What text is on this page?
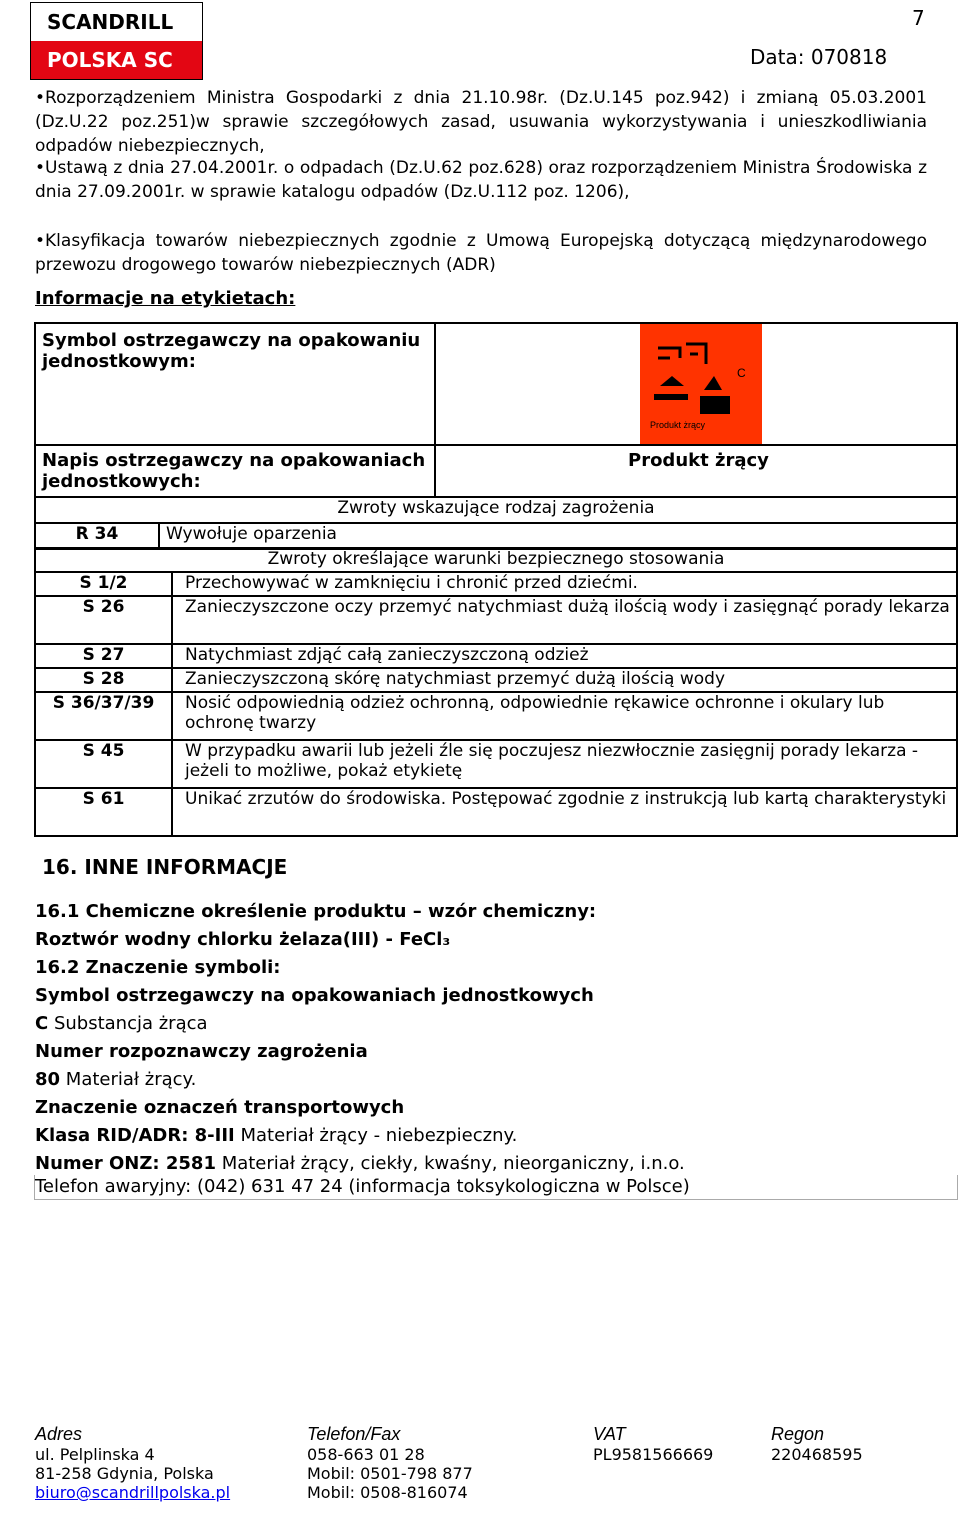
SCANDRILL
POLSKA SC
7
Data: 070818
• Rozporządzeniem Ministra Gospodarki z dnia 21.10.98r. (Dz.U.145 poz.942) i zmianą 05.03.2001 (Dz.U.22 poz.251)w sprawie szczegółowych zasad, usuwania wykorzystywania i unieszkodliwiania odpadów niebezpiecznych,
• Ustawą z dnia 27.04.2001r. o odpadach (Dz.U.62 poz.628) oraz rozporządzeniem Ministra Środowiska z dnia 27.09.2001r. w sprawie katalogu odpadów (Dz.U.112 poz. 1206),
• Klasyfikacja towarów niebezpiecznych zgodnie z Umową Europejską dotyczącą międzynarodowego przewozu drogowego towarów niebezpiecznych (ADR)
Informacje na etykietach:
Symbol ostrzegawczy na opakowaniu jednostkowym:	C
Produkt żrący

Napis ostrzegawczy na opakowaniach jednostkowych:	Produkt żrący
Zwroty wskazujące rodzaj zagrożenia
R 34	Wywołuje oparzenia
Zwroty określające warunki bezpiecznego stosowania	
S 1/2	Przechowywać w zamknięciu i chronić przed dziećmi.
S 26	Zanieczyszczone oczy przemyć natychmiast dużą ilością wody i zasięgnąć porady lekarza
S 27	Natychmiast zdjąć całą zanieczyszczoną odzież
S 28	Zanieczyszczoną skórę natychmiast przemyć dużą ilością wody
S 36/37/39	Nosić odpowiednią odzież ochronną, odpowiednie rękawice ochronne i okulary lub ochronę twarzy
S 45	W przypadku awarii lub jeżeli źle się poczujesz niezwłocznie zasięgnij porady lekarza - jeżeli to możliwe, pokaż etykietę
S 61	Unikać zrzutów do środowiska. Postępować zgodnie z instrukcją lub kartą charakterystyki
16. INNE INFORMACJE
16.1 Chemiczne określenie produktu – wzór chemiczny:
Roztwór wodny chlorku żelaza(III) - FeCl₃
16.2 Znaczenie symboli:
Symbol ostrzegawczy na opakowaniach jednostkowych
C Substancja żrąca
Numer rozpoznawczy zagrożenia
80 Materiał żrący.
Znaczenie oznaczeń transportowych
Klasa RID/ADR: 8-III Materiał żrący - niebezpieczny.
Numer ONZ: 2581 Materiał żrący, ciekły, kwaśny, nieorganiczny, i.n.o.
Telefon awaryjny: (042) 631 47 24 (informacja toksykologiczna w Polsce)
Adres
ul. Pelplinska 4
81-258 Gdynia, Polska
biuro@scandrillpolska.pl
Telefon/Fax
058-663 01 28
Mobil: 0501-798 877
Mobil: 0508-816074
VAT
PL9581566669
Regon
220468595
